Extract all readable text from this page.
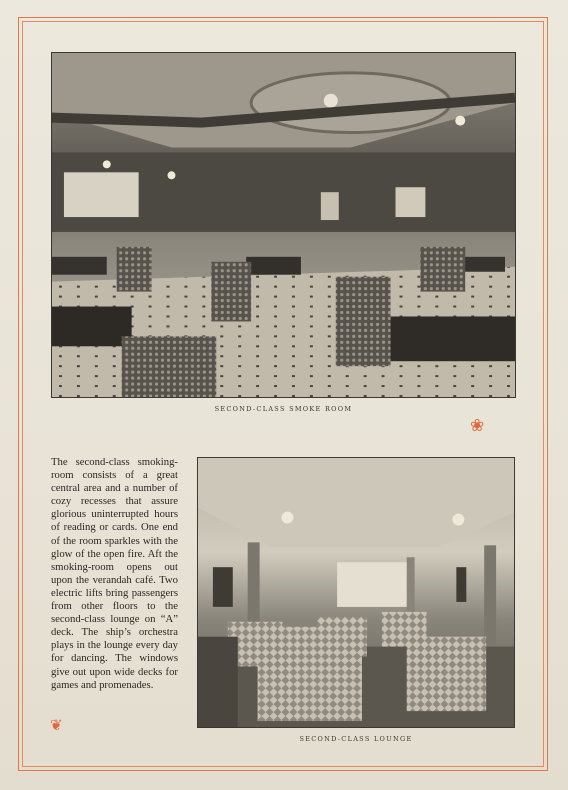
SECOND-CLASS SMOKE ROOM
❀
The second-class smoking-room consists of a great central area and a number of cozy recesses that assure glorious uninterrupted hours of reading or cards. One end of the room sparkles with the glow of the open fire. Aft the smoking-room opens out upon the verandah café. Two electric lifts bring passengers from other floors to the second-class lounge on “A” deck. The ship’s orchestra plays in the lounge every day for dancing. The windows give out upon wide decks for games and promenades.
SECOND-CLASS LOUNGE
❦
